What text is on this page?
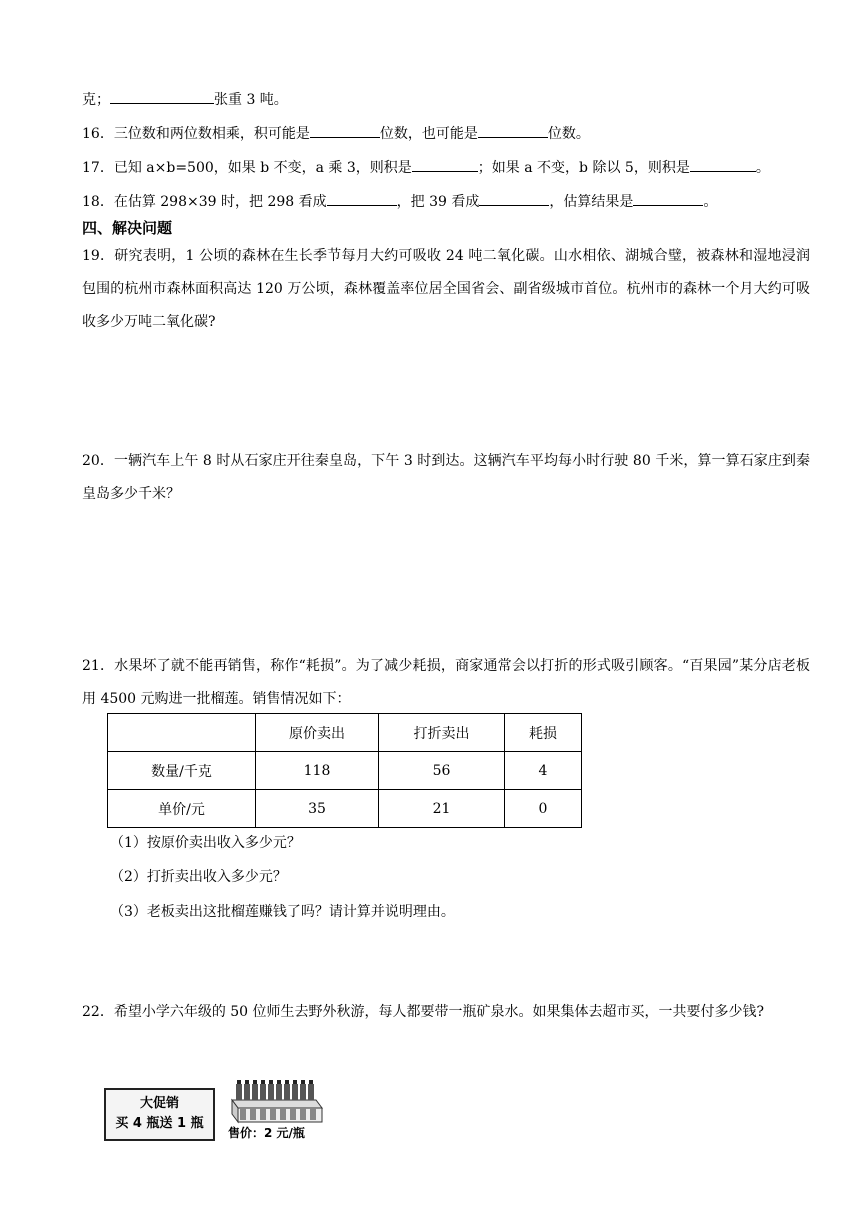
克；	张重 3 吨。
16．三位数和两位数相乘，积可能是	位数，也可能是	位数。
17．已知 a×b=500，如果 b 不变，a 乘 3，则积是	；如果 a 不变，b 除以 5，则积是	。
18．在估算 298×39 时，把 298 看成	，把 39 看成	，估算结果是	。
四、解决问题
19．研究表明，1 公顷的森林在生长季节每月大约可吸收 24 吨二氧化碳。山水相依、湖城合璧，被森林和湿地浸润包围的杭州市森林面积高达 120 万公顷，森林覆盖率位居全国省会、副省级城市首位。杭州市的森林一个月大约可吸收多少万吨二氧化碳?
20．一辆汽车上午 8 时从石家庄开往秦皇岛，下午 3 时到达。这辆汽车平均每小时行驶 80 千米，算一算石家庄到秦皇岛多少千米？
21．水果坏了就不能再销售，称作“耗损”。为了减少耗损，商家通常会以打折的形式吸引顾客。“百果园”某分店老板用 4500 元购进一批榴莲。销售情况如下：
	原价卖出	打折卖出	耗损
数量/千克	118	56	4
单价/元	35	21	0
（1）按原价卖出收入多少元？
（2）打折卖出收入多少元？
（3）老板卖出这批榴莲赚钱了吗？请计算并说明理由。
22．希望小学六年级的 50 位师生去野外秋游，每人都要带一瓶矿泉水。如果集体去超市买，一共要付多少钱?
大促销
买 4 瓶送 1 瓶
售价：2 元/瓶
